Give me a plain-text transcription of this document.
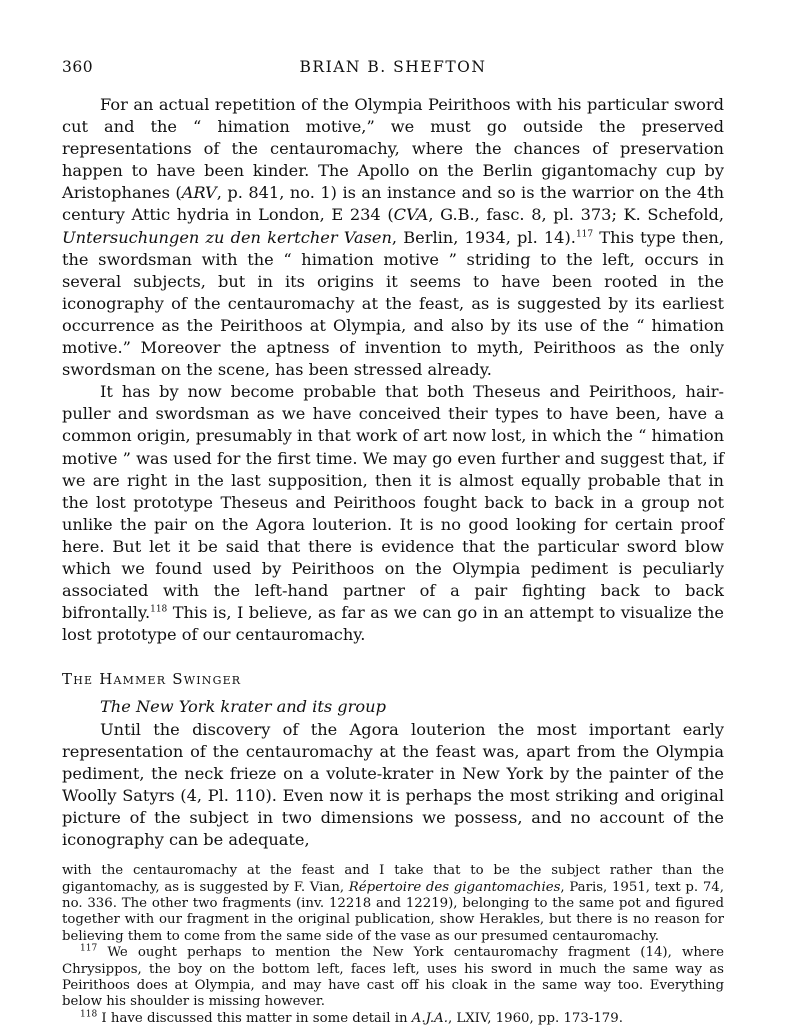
360	BRIAN B. SHEFTON

For an actual repetition of the Olympia Peirithoos with his particular sword cut and the “ himation motive,” we must go outside the preserved representations of the centauromachy, where the chances of preservation happen to have been kinder. The Apollo on the Berlin gigantomachy cup by Aristophanes (ARV, p. 841, no. 1) is an instance and so is the warrior on the 4th century Attic hydria in London, E 234 (CVA, G.B., fasc. 8, pl. 373; K. Schefold, Untersuchungen zu den kertcher Vasen, Berlin, 1934, pl. 14).$^{117}$ This type then, the swordsman with the “ himation motive ” striding to the left, occurs in several subjects, but in its origins it seems to have been rooted in the iconography of the centauromachy at the feast, as is suggested by its earliest occurrence as the Peirithoos at Olympia, and also by its use of the “ himation motive.” Moreover the aptness of invention to myth, Peirithoos as the only swordsman on the scene, has been stressed already.

It has by now become probable that both Theseus and Peirithoos, hair-puller and swordsman as we have conceived their types to have been, have a common origin, presumably in that work of art now lost, in which the “ himation motive ” was used for the first time. We may go even further and suggest that, if we are right in the last supposition, then it is almost equally probable that in the lost prototype Theseus and Peirithoos fought back to back in a group not unlike the pair on the Agora louterion. It is no good looking for certain proof here. But let it be said that there is evidence that the particular sword blow which we found used by Peirithoos on the Olympia pediment is peculiarly associated with the left-hand partner of a pair fighting back to back bifrontally.$^{118}$ This is, I believe, as far as we can go in an attempt to visualize the lost prototype of our centauromachy.

The Hammer Swinger
The New York krater and its group

Until the discovery of the Agora louterion the most important early representation of the centauromachy at the feast was, apart from the Olympia pediment, the neck frieze on a volute-krater in New York by the painter of the Woolly Satyrs (4, Pl. 110). Even now it is perhaps the most striking and original picture of the subject in two dimensions we possess, and no account of the iconography can be adequate,

with the centauromachy at the feast and I take that to be the subject rather than the gigantomachy, as is suggested by F. Vian, Répertoire des gigantomachies, Paris, 1951, text p. 74, no. 336. The other two fragments (inv. 12218 and 12219), belonging to the same pot and figured together with our fragment in the original publication, show Herakles, but there is no reason for believing them to come from the same side of the vase as our presumed centauromachy.

$^{117}$ We ought perhaps to mention the New York centauromachy fragment (14), where Chrysippos, the boy on the bottom left, faces left, uses his sword in much the same way as Peirithoos does at Olympia, and may have cast off his cloak in the same way too. Everything below his shoulder is missing however.

$^{118}$ I have discussed this matter in some detail in A.J.A., LXIV, 1960, pp. 173-179.
